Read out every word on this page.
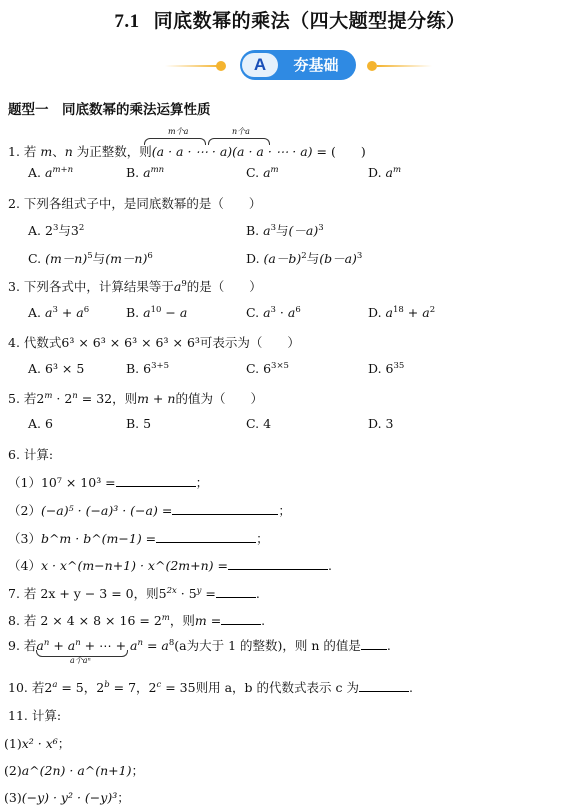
7.1 同底数幂的乘法（四大题型提分练）
A	夯基础
题型一　同底数幂的乘法运算性质
m个a	n个a
1. 若 m、n 为正整数，则(a · a · ⋯ · a)(a · a · ⋯ · a) = (　　)
A. $a^{m+n}$	B. $a^{mn}$	C. $a^m$	D. $a^m$
2. 下列各组式子中，是同底数幂的是（　　）
A. $2^3$与$3^2$	B. $a^3$与$(-a)^3$
C. $(m-n)^5$与$(m-n)^6$	D. $(a-b)^2$与$(b-a)^3$
3. 下列各式中，计算结果等于$a^9$的是（　　）
A. $a^3 + a^6$	B. $a^{10} - a$	C. $a^3 \cdot a^6$	D. $a^{18} + a^2$
4. 代数式6³ × 6³ × 6³ × 6³ × 6³可表示为（　　）
A. 6³ × 5	B. $6^{3+5}$	C. $6^{3\times 5}$	D. $6^{35}$
5. 若$2^m \cdot 2^n = 32$，则m + n的值为（　　）
A. 6	B. 5	C. 4	D. 3
6. 计算:
（1）10⁷ × 10³ =	；
（2）(−a)⁵ · (−a)³ · (−a) =	；
（3）b^m · b^(m−1) =	；
（4）x · x^(m−n+1) · x^(2m+n) =	.
7. 若 2x + y − 3 = 0，则$5^{2x} \cdot 5^y$ =	.
8. 若 $2 \times 4 \times 8 \times 16 = 2^m$，则m =	.
9. 若$a^n + a^n$ + ⋯ + $a^n = a^8(a$为大于 1 的整数)，则 n 的值是 .
a个aⁿ
10. 若$2^a = 5$，$2^b = 7$，$2^c = 35$则用 a，b 的代数式表示 c 为	.
11. 计算:
(1)x² · x⁶；
(2)a^(2n) · a^(n+1)；
(3)(−y) · y² · (−y)³；
